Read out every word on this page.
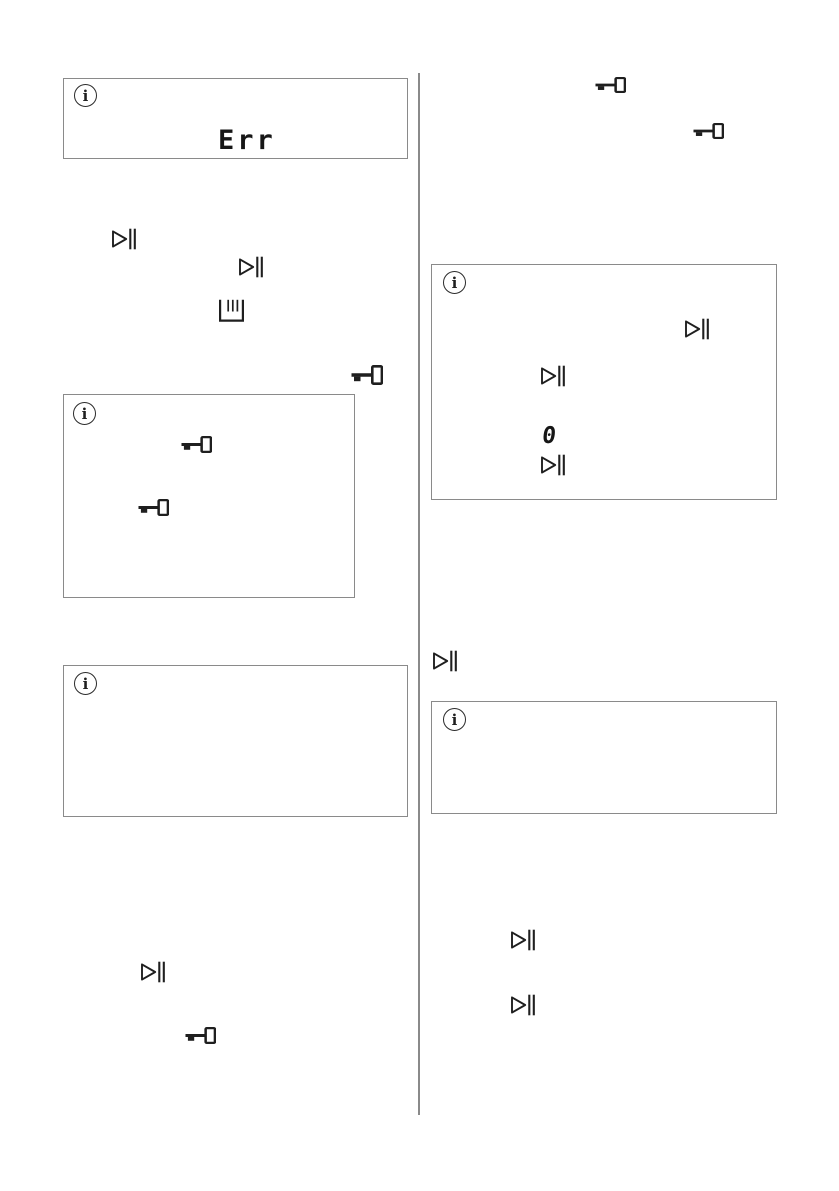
i
Err
i
i
i
0
i
